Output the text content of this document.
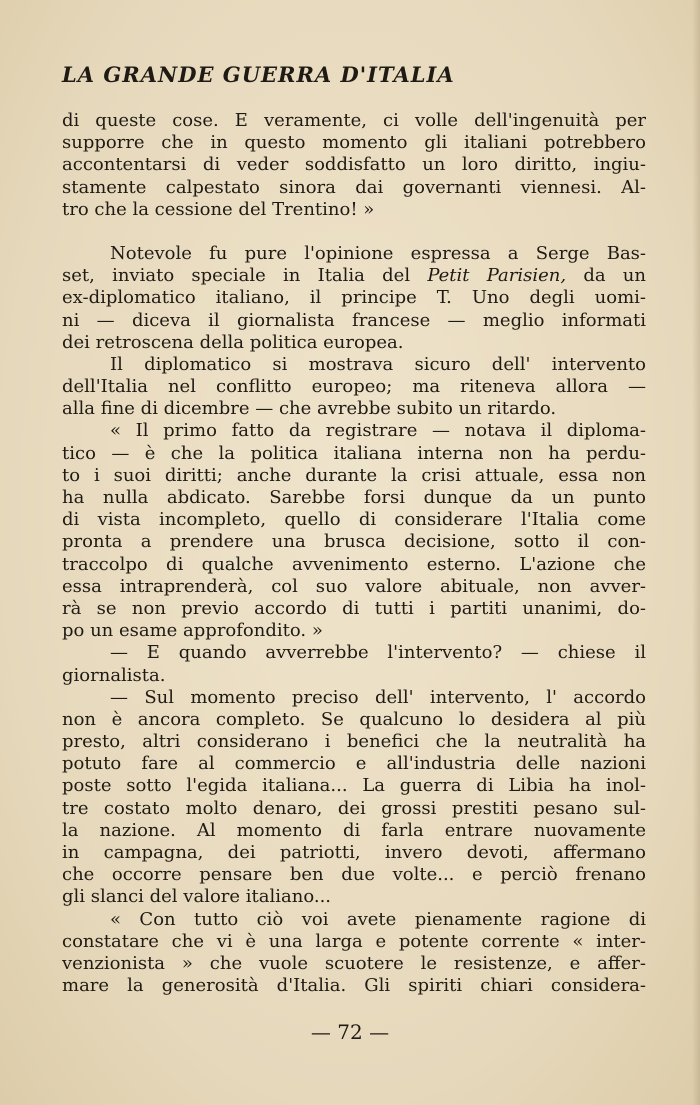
LA GRANDE GUERRA D'ITALIA
di queste cose. E veramente, ci volle dell'ingenuità per
supporre che in questo momento gli italiani potrebbero
accontentarsi di veder soddisfatto un loro diritto, ingiu-
stamente calpestato sinora dai governanti viennesi. Al-
tro che la cessione del Trentino! »
Notevole fu pure l'opinione espressa a Serge Bas-
set, inviato speciale in Italia del Petit Parisien, da un
ex-diplomatico italiano, il principe T. Uno degli uomi-
ni — diceva il giornalista francese — meglio informati
dei retroscena della politica europea.
Il diplomatico si mostrava sicuro dell' intervento
dell'Italia nel conflitto europeo; ma riteneva allora —
alla fine di dicembre — che avrebbe subito un ritardo.
« Il primo fatto da registrare — notava il diploma-
tico — è che la politica italiana interna non ha perdu-
to i suoi diritti; anche durante la crisi attuale, essa non
ha nulla abdicato. Sarebbe forsi dunque da un punto
di vista incompleto, quello di considerare l'Italia come
pronta a prendere una brusca decisione, sotto il con-
traccolpo di qualche avvenimento esterno. L'azione che
essa intraprenderà, col suo valore abituale, non avver-
rà se non previo accordo di tutti i partiti unanimi, do-
po un esame approfondito. »
— E quando avverrebbe l'intervento? — chiese il
giornalista.
— Sul momento preciso dell' intervento, l' accordo
non è ancora completo. Se qualcuno lo desidera al più
presto, altri considerano i benefici che la neutralità ha
potuto fare al commercio e all'industria delle nazioni
poste sotto l'egida italiana... La guerra di Libia ha inol-
tre costato molto denaro, dei grossi prestiti pesano sul-
la nazione. Al momento di farla entrare nuovamente
in campagna, dei patriotti, invero devoti, affermano
che occorre pensare ben due volte... e perciò frenano
gli slanci del valore italiano...
« Con tutto ciò voi avete pienamente ragione di
constatare che vi è una larga e potente corrente « inter-
venzionista » che vuole scuotere le resistenze, e affer-
mare la generosità d'Italia. Gli spiriti chiari considera-
— 72 —
